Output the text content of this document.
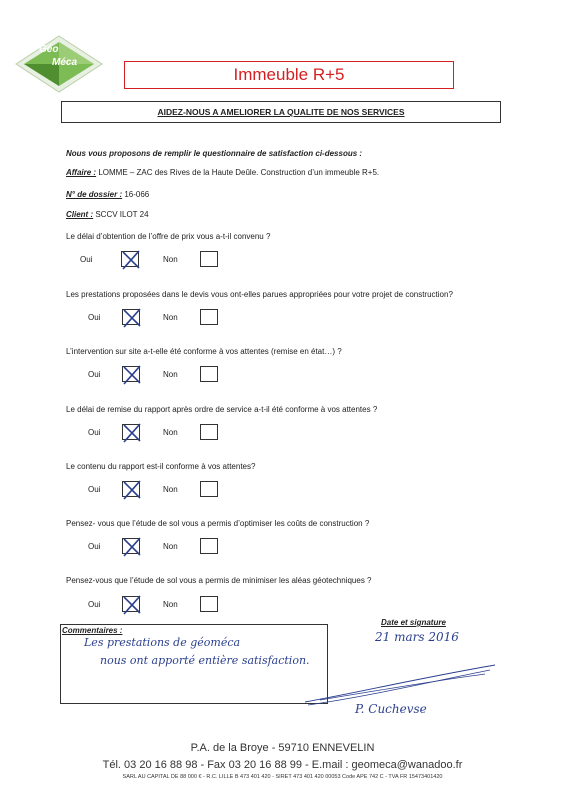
Géo
Méca
Immeuble R+5
AIDEZ-NOUS A AMELIORER LA QUALITE DE NOS SERVICES
Nous vous proposons de remplir le questionnaire de satisfaction ci-dessous :
Affaire : LOMME – ZAC des Rives de la Haute Deûle. Construction d’un immeuble R+5.
N° de dossier : 16-066
Client : SCCV ILOT 24
Le délai d’obtention de l’offre de prix vous a-t-il convenu ?
Oui	Non
Les prestations proposées dans le devis vous ont-elles parues appropriées pour votre projet de construction?
Oui	Non
L’intervention sur site a-t-elle été conforme à vos attentes (remise en état…) ?
Oui	Non
Le délai de remise du rapport après ordre de service a-t-il été conforme à vos attentes ?
Oui	Non
Le contenu du rapport est-il conforme à vos attentes?
Oui	Non
Pensez- vous que l’étude de sol vous a permis d’optimiser les coûts de construction ?
Oui	Non
Pensez-vous que l’étude de sol vous a permis de minimiser les aléas géotechniques ?
Oui	Non
Commentaires :
Les prestations de géoméca
nous ont apporté entière satisfaction.
Date et signature
21 mars 2016
P. Cuchevse
P.A. de la Broye - 59710 ENNEVELIN
Tél. 03 20 16 88 98 - Fax 03 20 16 88 99 - E.mail : geomeca@wanadoo.fr
SARL AU CAPITAL DE 88 000 € - R.C. LILLE B 473 401 420 - SIRET 473 401 420 00053 Code APE 742 C - TVA FR 15473401420
